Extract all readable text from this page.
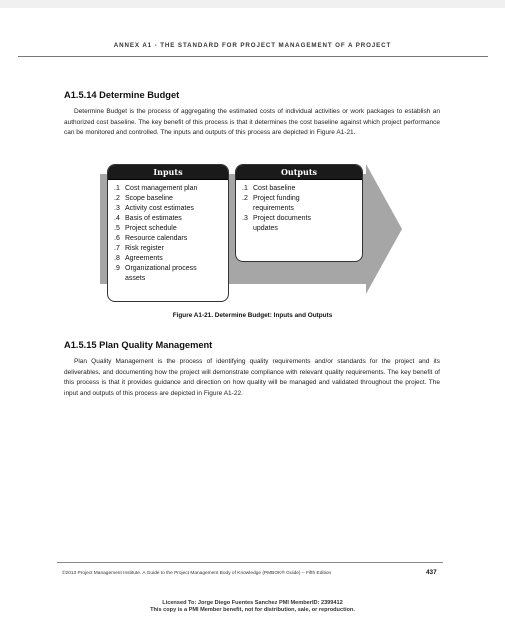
ANNEX A1 - THE STANDARD FOR PROJECT MANAGEMENT OF A PROJECT
A1.5.14 Determine Budget

Determine Budget is the process of aggregating the estimated costs of individual activities or work packages to establish an authorized cost baseline. The key benefit of this process is that it determines the cost baseline against which project performance can be monitored and controlled. The inputs and outputs of this process are depicted in Figure A1-21.

Inputs
.1 Cost management plan
.2 Scope baseline
.3 Activity cost estimates
.4 Basis of estimates
.5 Project schedule
.6 Resource calendars
.7 Risk register
.8 Agreements
.9 Organizational process assets
Outputs
.1 Cost baseline
.2 Project funding requirements
.3 Project documents updates
Figure A1-21. Determine Budget: Inputs and Outputs
A1.5.15 Plan Quality Management

Plan Quality Management is the process of identifying quality requirements and/or standards for the project and its deliverables, and documenting how the project will demonstrate compliance with relevant quality requirements. The key benefit of this process is that it provides guidance and direction on how quality will be managed and validated throughout the project. The input and outputs of this process are depicted in Figure A1-22.

©2013 Project Management Institute. A Guide to the Project Management Body of Knowledge (PMBOK® Guide) – Fifth Edition	437
Licensed To: Jorge Diego Fuentes Sanchez PMI MemberID: 2399412
This copy is a PMI Member benefit, not for distribution, sale, or reproduction.
